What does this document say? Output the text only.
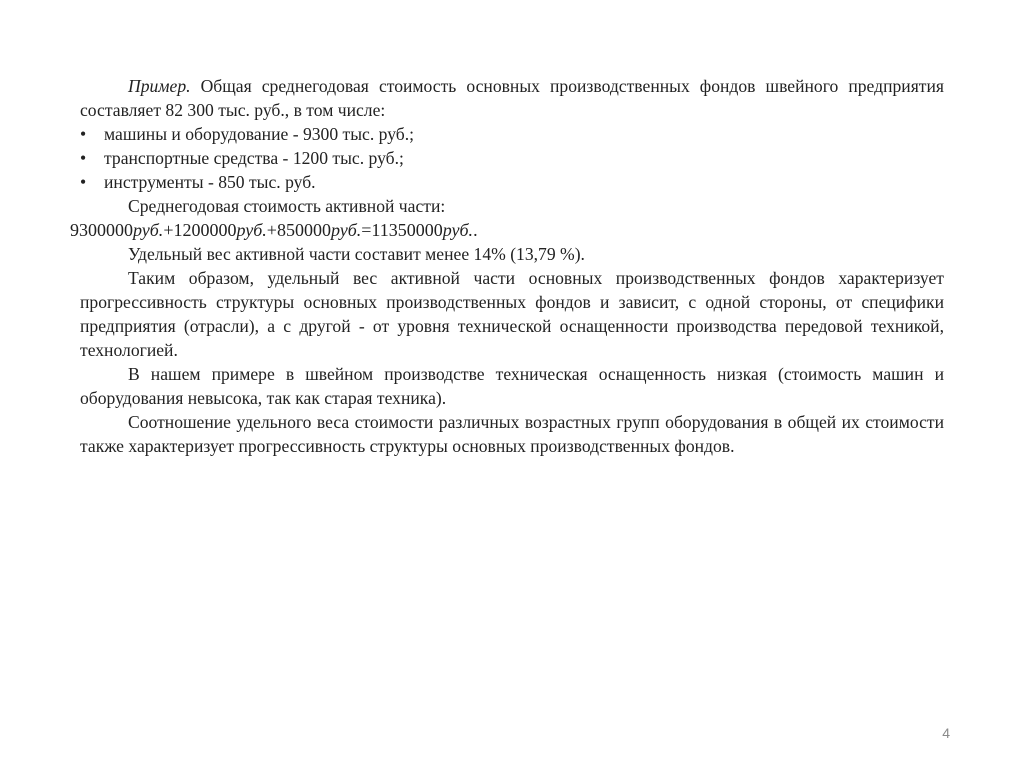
Пример. Общая среднегодовая стоимость основных производственных фондов швейного предприятия составляет 82 300 тыс. руб., в том числе:

•	машины и оборудование - 9300 тыс. руб.;
•	транспортные средства - 1200 тыс. руб.;
•	инструменты - 850 тыс. руб.

Среднегодовая стоимость активной части:

9300000руб.+1200000руб.+850000руб.=11350000руб..

Удельный вес активной части составит менее 14% (13,79 %).

Таким образом, удельный вес активной части основных производственных фондов характеризует прогрессивность структуры основных производственных фондов и зависит, с одной стороны, от специфики предприятия (отрасли), а с другой - от уровня технической оснащенности производства передовой техникой, технологией.

В нашем примере в швейном производстве техническая оснащенность низкая (стоимость машин и оборудования невысока, так как старая техника).

Соотношение удельного веса стоимости различных возрастных групп оборудования в общей их стоимости также характеризует прогрессивность структуры основных производственных фондов.

4
